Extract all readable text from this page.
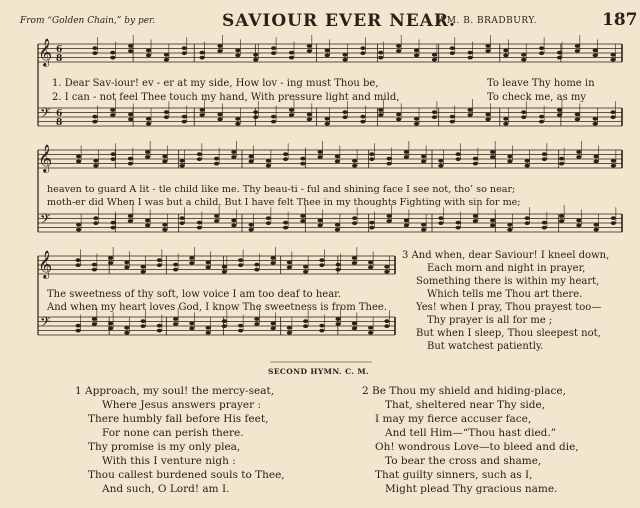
From “Golden Chain,” by per.	SAVIOUR EVER NEAR.
WM. B. BRADBURY.	187
𝄞 6
8
𝄢 6
8
𝄞
𝄢
𝄞
𝄢
1. Dear Sav-iour! ev - er at my side, How lov - ing must Thou be,	To leave Thy home in
2. I can - not feel Thee touch my hand, With pressure light and mild,	To check me, as my
heaven to guard A lit - tle child like me. Thy beau-ti - ful and shining face I see not, tho’ so near;
moth-er did When I was but a child. But I have felt Thee in my thoughts Fighting with sin for me;
The sweetness of thy soft, low voice I am too deaf to hear.
And when my heart loves God, I know The sweetness is from Thee.
3 And when, dear Saviour! I kneel down,
Each morn and night in prayer,
Something there is within my heart,
Which tells me Thou art there.
Yes! when I pray, Thou prayest too—
Thy prayer is all for me ;
But when I sleep, Thou sleepest not,
But watchest patiently.
SECOND HYMN. C. M.
1 Approach, my soul! the mercy-seat,
Where Jesus answers prayer :
There humbly fall before His feet,
For none can perish there.
Thy promise is my only plea,
With this I venture nigh :
Thou callest burdened souls to Thee,
And such, O Lord! am I.
2 Be Thou my shield and hiding-place,
That, sheltered near Thy side,
I may my fierce accuser face,
And tell Him—“Thou hast died.”
Oh! wondrous Love—to bleed and die,
To bear the cross and shame,
That guilty sinners, such as I,
Might plead Thy gracious name.
